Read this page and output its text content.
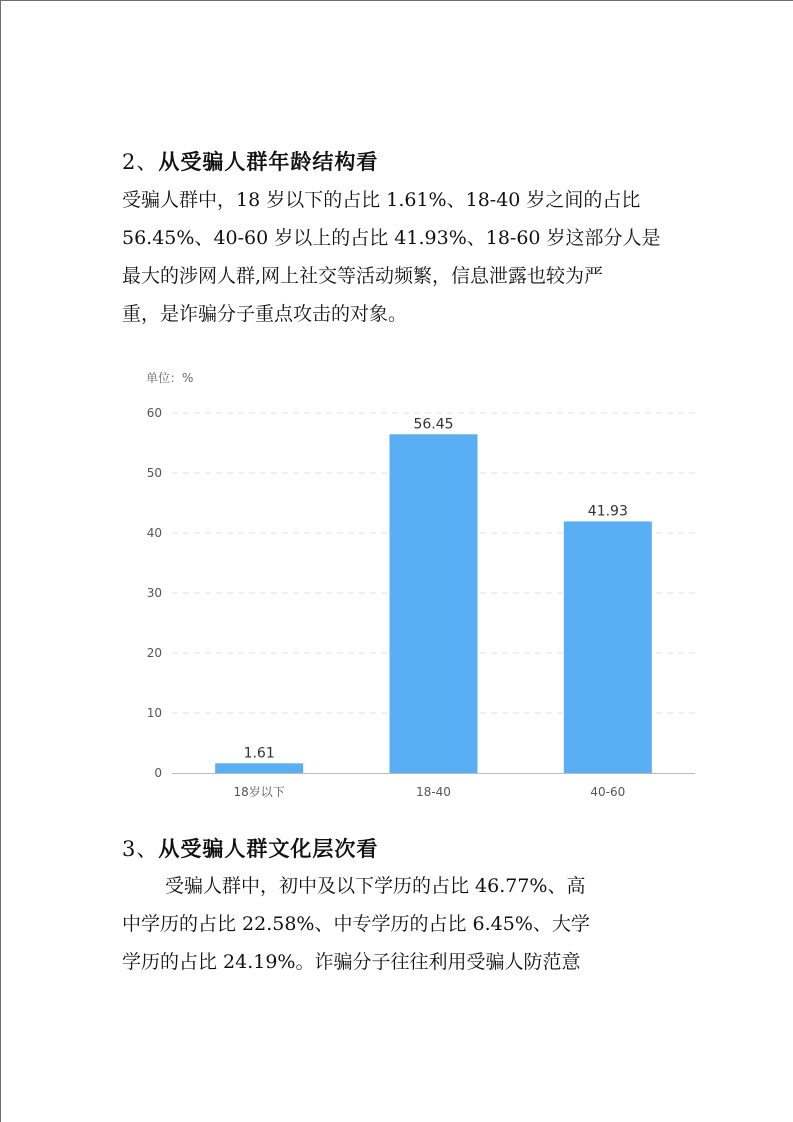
2、从受骗人群年龄结构看
受骗人群中，18 岁以下的占比 1.61%、18-40 岁之间的占比
56.45%、40-60 岁以上的占比 41.93%、18-60 岁这部分人是
最大的涉网人群,网上社交等活动频繁，信息泄露也较为严
重，是诈骗分子重点攻击的对象。
单位：%
0
10
20
30
40
50
60
1.61
56.45
41.93
18岁以下	18-40	40-60
3、从受骗人群文化层次看
受骗人群中，初中及以下学历的占比 46.77%、高
中学历的占比 22.58%、中专学历的占比 6.45%、大学
学历的占比 24.19%。诈骗分子往往利用受骗人防范意
